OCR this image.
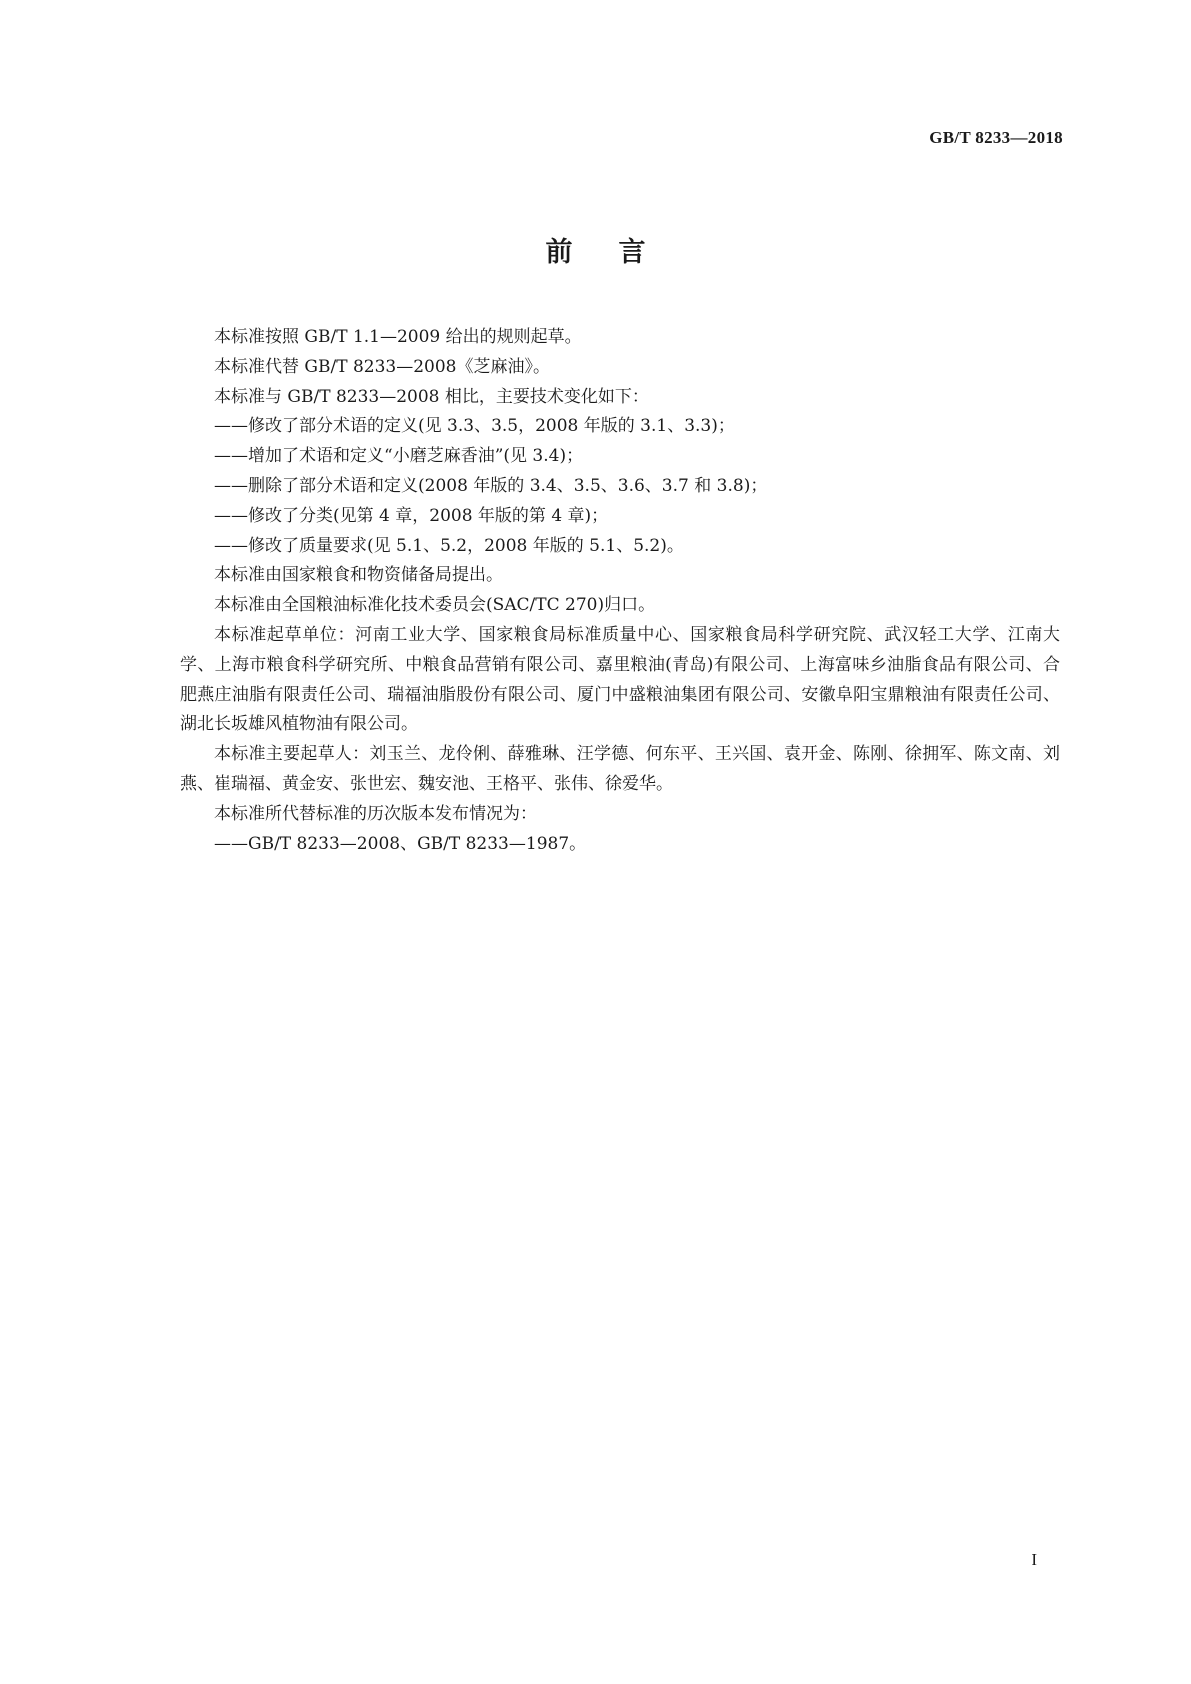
GB/T 8233—2018
前言

本标准按照 GB/T 1.1—2009 给出的规则起草。

本标准代替 GB/T 8233—2008《芝麻油》。

本标准与 GB/T 8233—2008 相比，主要技术变化如下：

——修改了部分术语的定义(见 3.3、3.5，2008 年版的 3.1、3.3)；

——增加了术语和定义“小磨芝麻香油”(见 3.4)；

——删除了部分术语和定义(2008 年版的 3.4、3.5、3.6、3.7 和 3.8)；

——修改了分类(见第 4 章，2008 年版的第 4 章)；

——修改了质量要求(见 5.1、5.2，2008 年版的 5.1、5.2)。

本标准由国家粮食和物资储备局提出。

本标准由全国粮油标准化技术委员会(SAC/TC 270)归口。

本标准起草单位：河南工业大学、国家粮食局标准质量中心、国家粮食局科学研究院、武汉轻工大学、江南大学、上海市粮食科学研究所、中粮食品营销有限公司、嘉里粮油(青岛)有限公司、上海富味乡油脂食品有限公司、合肥燕庄油脂有限责任公司、瑞福油脂股份有限公司、厦门中盛粮油集团有限公司、安徽阜阳宝鼎粮油有限责任公司、湖北长坂雄风植物油有限公司。

本标准主要起草人：刘玉兰、龙伶俐、薛雅琳、汪学德、何东平、王兴国、袁开金、陈刚、徐拥军、陈文南、刘燕、崔瑞福、黄金安、张世宏、魏安池、王格平、张伟、徐爱华。

本标准所代替标准的历次版本发布情况为：

——GB/T 8233—2008、GB/T 8233—1987。

I
